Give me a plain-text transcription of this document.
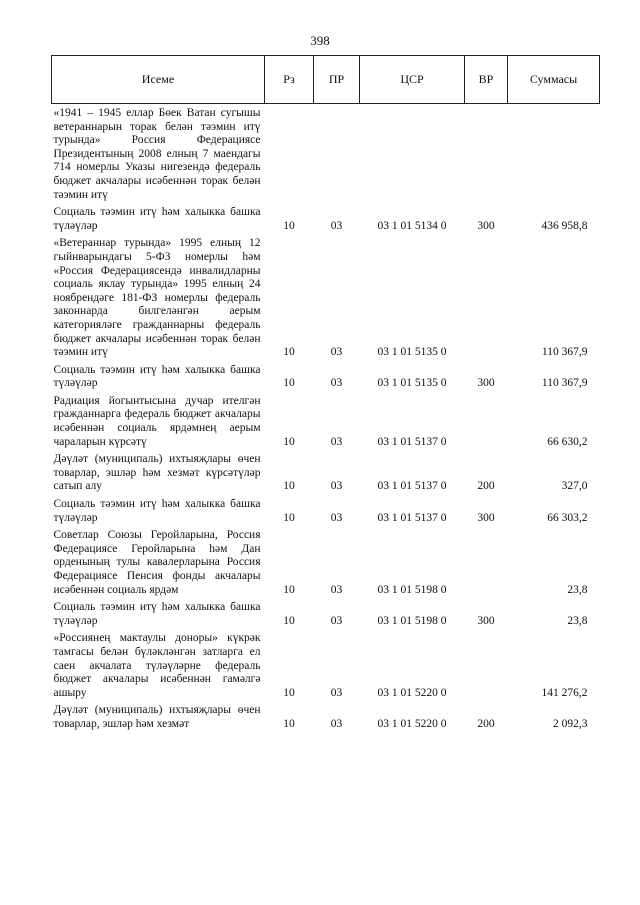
398
Исеме	Рз	ПР	ЦСР	ВР	Суммасы
«1941 – 1945 еллар Бөек Ватан сугышы ветераннарын торак белән тәэмин итү турында» Россия Федерациясе Президентының 2008 елның 7 маендагы 714 номерлы Указы нигезендә федераль бюджет акчалары исәбеннән торак белән тәэмин итү					
Социаль тәэмин итү һәм халыкка башка түләүләр	10	03	03 1 01 5134 0	300	436 958,8
«Ветераннар турында» 1995 елның 12 гыйнварындагы 5-ФЗ номерлы һәм «Россия Федерациясендә инвалидларны социаль яклау турында» 1995 елның 24 ноябрендәге 181-ФЗ номерлы федераль законнарда билгеләнгән аерым категорияләге гражданнарны федераль бюджет акчалары исәбеннән торак белән тәэмин итү	10	03	03 1 01 5135 0		110 367,9
Социаль тәэмин итү һәм халыкка башка түләүләр	10	03	03 1 01 5135 0	300	110 367,9
Радиация йогынтысына дучар ителгән гражданнарга федераль бюджет акчалары исәбеннән социаль ярдәмнең аерым чараларын күрсәтү	10	03	03 1 01 5137 0		66 630,2
Дәүләт (муниципаль) ихтыяҗлары өчен товарлар, эшләр һәм хезмәт күрсәтүләр сатып алу	10	03	03 1 01 5137 0	200	327,0
Социаль тәэмин итү һәм халыкка башка түләүләр	10	03	03 1 01 5137 0	300	66 303,2
Советлар Союзы Геройларына, Россия Федерациясе Геройларына һәм Дан орденының тулы кавалерларына Россия Федерациясе Пенсия фонды акчалары исәбеннән социаль ярдәм	10	03	03 1 01 5198 0		23,8
Социаль тәэмин итү һәм халыкка башка түләүләр	10	03	03 1 01 5198 0	300	23,8
«Россиянең мактаулы доноры» күкрәк тамгасы белән бүләкләнгән затларга ел саен акчалата түләүләрне федераль бюджет акчалары исәбеннән гамәлгә ашыру	10	03	03 1 01 5220 0		141 276,2
Дәүләт (муниципаль) ихтыяҗлары өчен товарлар, эшләр һәм хезмәт	10	03	03 1 01 5220 0	200	2 092,3
